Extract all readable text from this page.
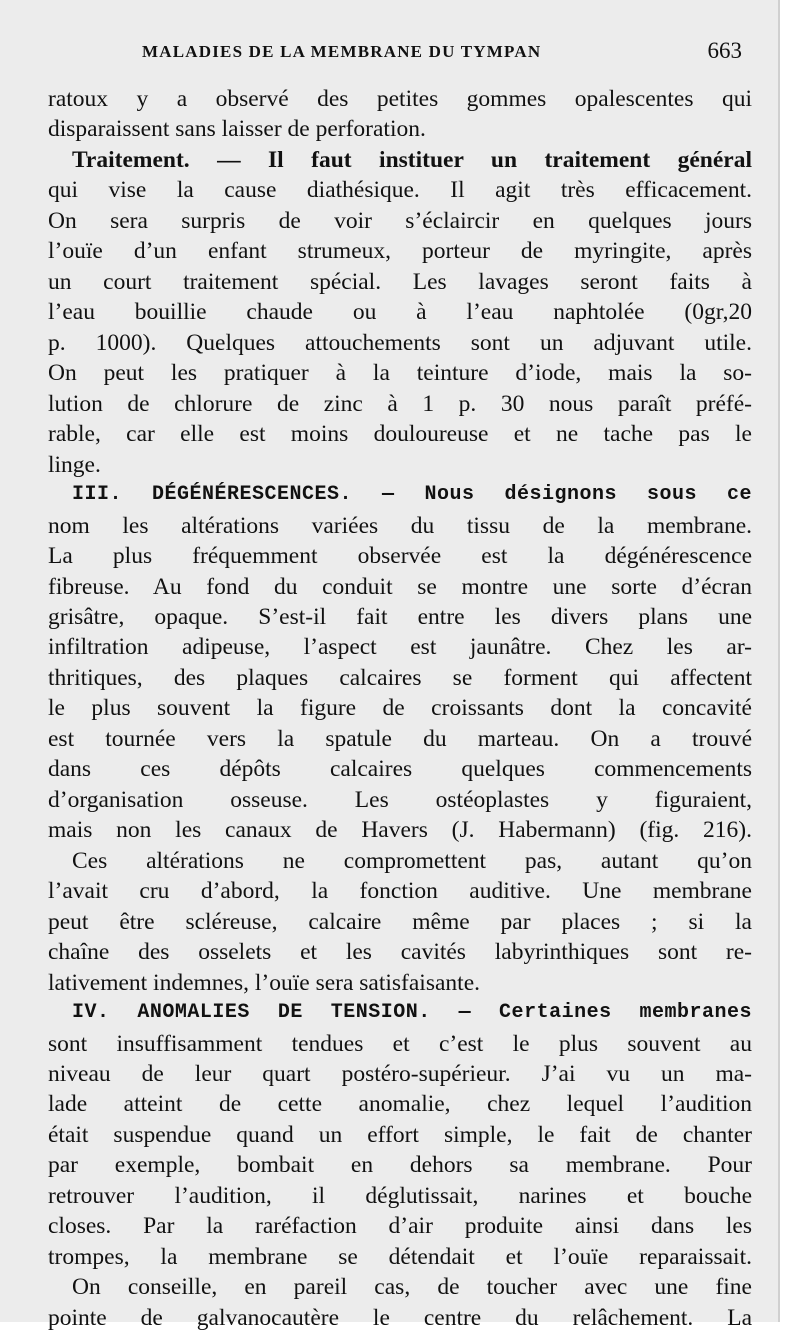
MALADIES DE LA MEMBRANE DU TYMPAN	663
ratoux y a observé des petites gommes opalescentes qui
disparaissent sans laisser de perforation.
Traitement. — Il faut instituer un traitement général
qui vise la cause diathésique. Il agit très efficacement.
On sera surpris de voir s’éclaircir en quelques jours
l’ouïe d’un enfant strumeux, porteur de myringite, après
un court traitement spécial. Les lavages seront faits à
l’eau bouillie chaude ou à l’eau naphtolée (0gr,20
p. 1000). Quelques attouchements sont un adjuvant utile.
On peut les pratiquer à la teinture d’iode, mais la so-
lution de chlorure de zinc à 1 p. 30 nous paraît préfé-
rable, car elle est moins douloureuse et ne tache pas le
linge.
III. DÉGÉNÉRESCENCES. — Nous désignons sous ce
nom les altérations variées du tissu de la membrane.
La plus fréquemment observée est la dégénérescence
fibreuse. Au fond du conduit se montre une sorte d’écran
grisâtre, opaque. S’est-il fait entre les divers plans une
infiltration adipeuse, l’aspect est jaunâtre. Chez les ar-
thritiques, des plaques calcaires se forment qui affectent
le plus souvent la figure de croissants dont la concavité
est tournée vers la spatule du marteau. On a trouvé
dans ces dépôts calcaires quelques commencements
d’organisation osseuse. Les ostéoplastes y figuraient,
mais non les canaux de Havers (J. Habermann) (fig. 216).
Ces altérations ne compromettent pas, autant qu’on
l’avait cru d’abord, la fonction auditive. Une membrane
peut être scléreuse, calcaire même par places ; si la
chaîne des osselets et les cavités labyrinthiques sont re-
lativement indemnes, l’ouïe sera satisfaisante.
IV. ANOMALIES DE TENSION. — Certaines membranes
sont insuffisamment tendues et c’est le plus souvent au
niveau de leur quart postéro-supérieur. J’ai vu un ma-
lade atteint de cette anomalie, chez lequel l’audition
était suspendue quand un effort simple, le fait de chanter
par exemple, bombait en dehors sa membrane. Pour
retrouver l’audition, il déglutissait, narines et bouche
closes. Par la raréfaction d’air produite ainsi dans les
trompes, la membrane se détendait et l’ouïe reparaissait.
On conseille, en pareil cas, de toucher avec une fine
pointe de galvanocautère le centre du relâchement. La
